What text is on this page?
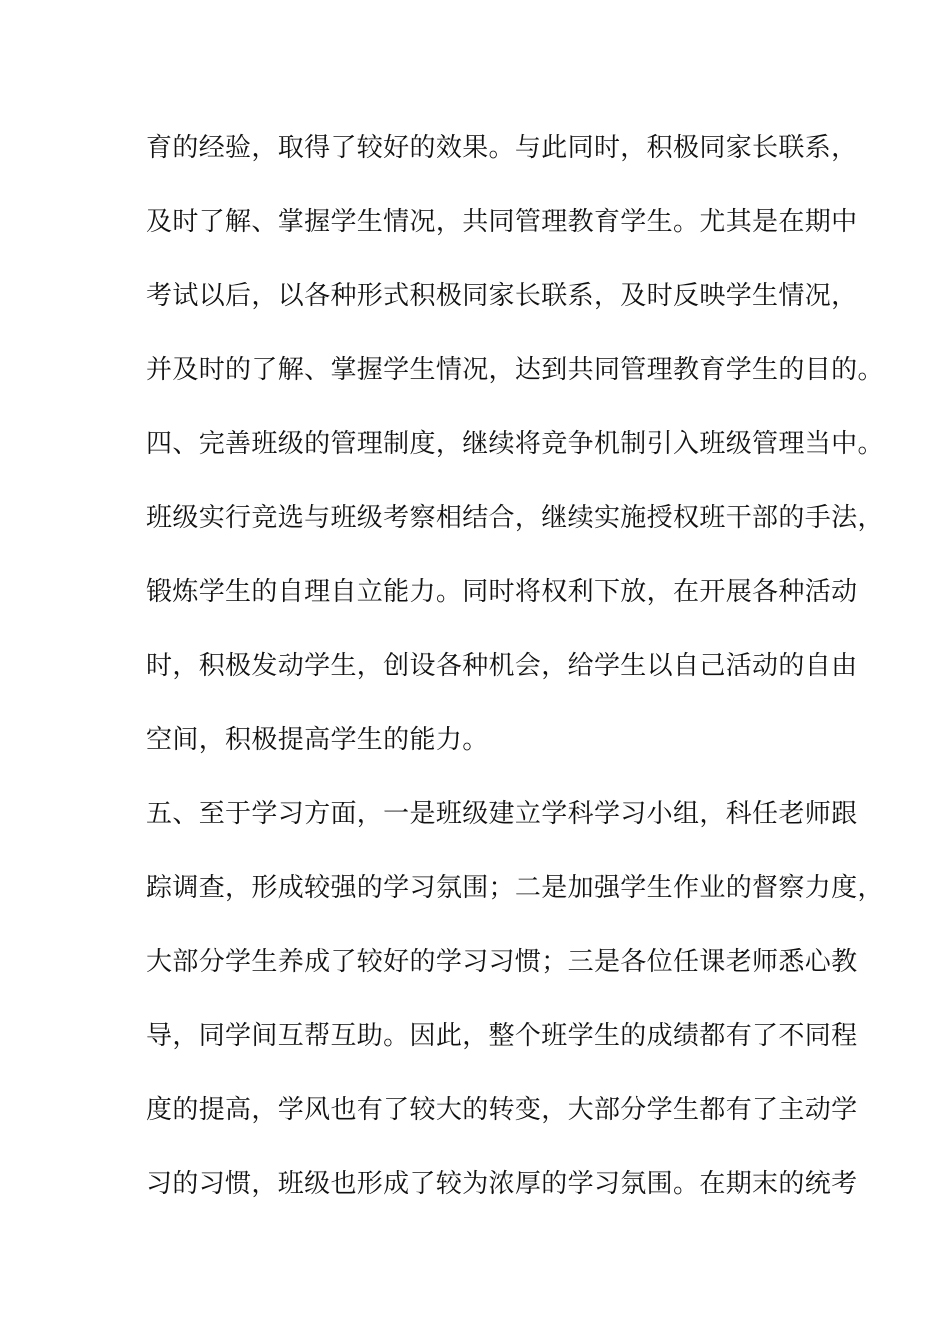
育的经验，取得了较好的效果。与此同时，积极同家长联系，
及时了解、掌握学生情况，共同管理教育学生。尤其是在期中
考试以后，以各种形式积极同家长联系，及时反映学生情况，
并及时的了解、掌握学生情况，达到共同管理教育学生的目的。
四、完善班级的管理制度，继续将竞争机制引入班级管理当中。
班级实行竞选与班级考察相结合，继续实施授权班干部的手法，
锻炼学生的自理自立能力。同时将权利下放，在开展各种活动
时，积极发动学生，创设各种机会，给学生以自己活动的自由
空间，积极提高学生的能力。
五、至于学习方面，一是班级建立学科学习小组，科任老师跟
踪调查，形成较强的学习氛围；二是加强学生作业的督察力度，
大部分学生养成了较好的学习习惯；三是各位任课老师悉心教
导，同学间互帮互助。因此，整个班学生的成绩都有了不同程
度的提高，学风也有了较大的转变，大部分学生都有了主动学
习的习惯，班级也形成了较为浓厚的学习氛围。在期末的统考
